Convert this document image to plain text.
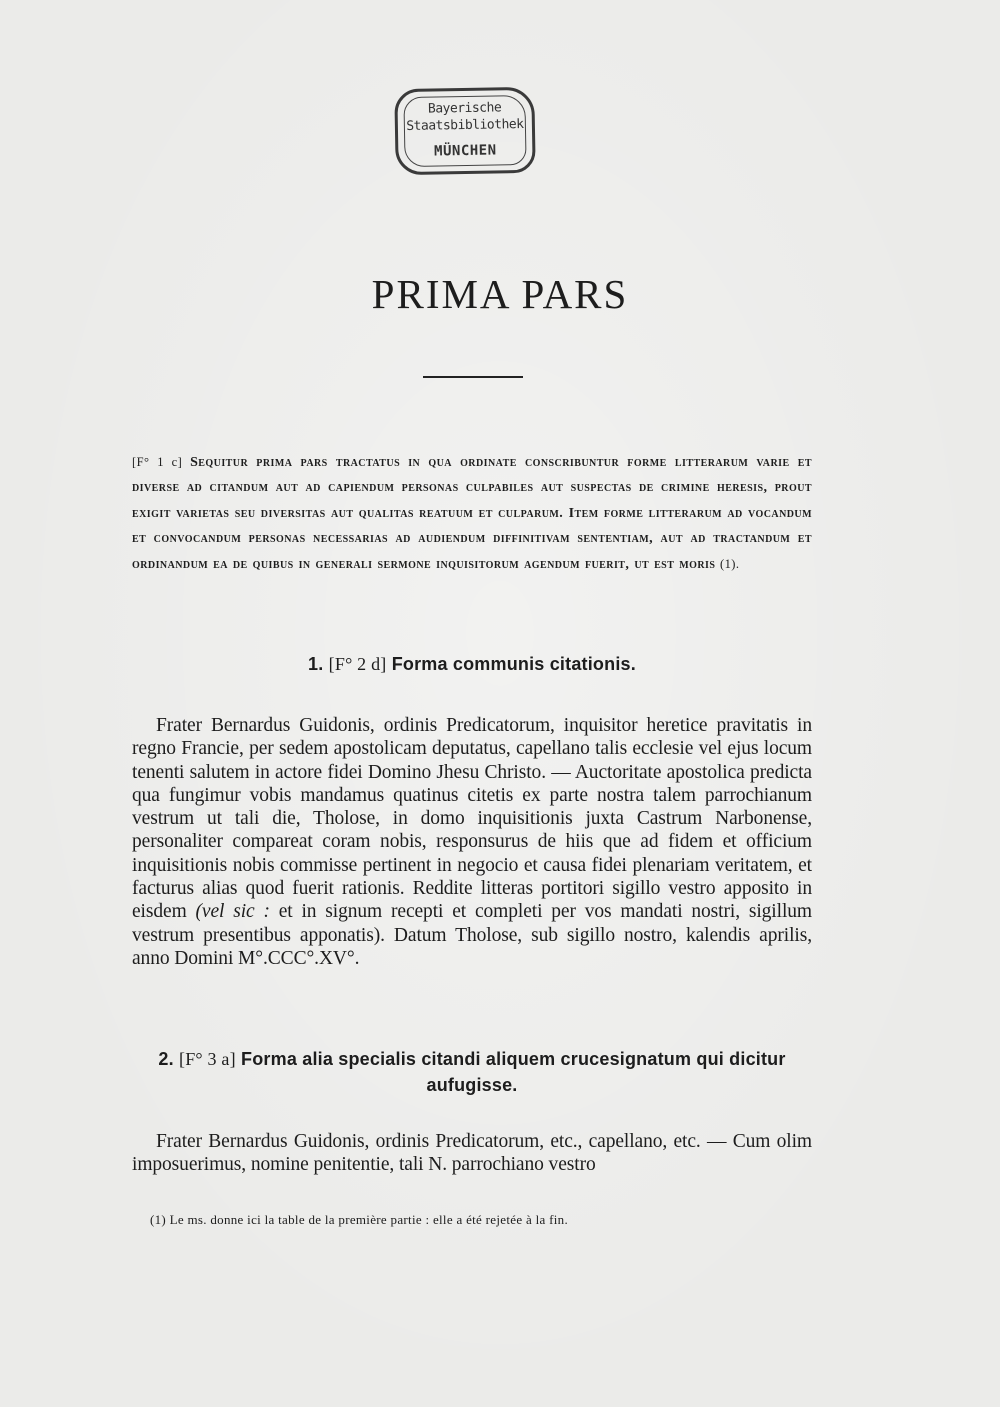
Bayerische
Staatsbibliothek
MÜNCHEN
PRIMA PARS
[F° 1 c] Sequitur prima pars tractatus in qua ordinate conscribuntur forme litterarum varie et diverse ad citandum aut ad capiendum personas culpabiles aut suspectas de crimine heresis, prout exigit varietas seu diversitas aut qualitas reatuum et culparum. Item forme litterarum ad vocandum et convocandum personas necessarias ad audiendum diffinitivam sententiam, aut ad tractandum et ordinandum ea de quibus in generali sermone inquisitorum agendum fuerit, ut est moris (1).
1. [F° 2 d] Forma communis citationis.
Frater Bernardus Guidonis, ordinis Predicatorum, inquisitor heretice pravitatis in regno Francie, per sedem apostolicam deputatus, capellano talis ecclesie vel ejus locum tenenti salutem in actore fidei Domino Jhesu Christo. — Auctoritate apostolica predicta qua fungimur vobis mandamus quatinus citetis ex parte nostra talem parrochianum vestrum ut tali die, Tholose, in domo inquisitionis juxta Castrum Narbonense, personaliter compareat coram nobis, responsurus de hiis que ad fidem et officium inquisitionis nobis commisse pertinent in negocio et causa fidei plenariam veritatem, et facturus alias quod fuerit rationis. Reddite litteras portitori sigillo vestro apposito in eisdem (vel sic : et in signum recepti et completi per vos mandati nostri, sigillum vestrum presentibus apponatis). Datum Tholose, sub sigillo nostro, kalendis aprilis, anno Domini M°.CCC°.XV°.
2. [F° 3 a] Forma alia specialis citandi aliquem crucesignatum qui dicitur aufugisse.
Frater Bernardus Guidonis, ordinis Predicatorum, etc., capellano, etc. — Cum olim imposuerimus, nomine penitentie, tali N. parrochiano vestro
(1) Le ms. donne ici la table de la première partie : elle a été rejetée à la fin.
